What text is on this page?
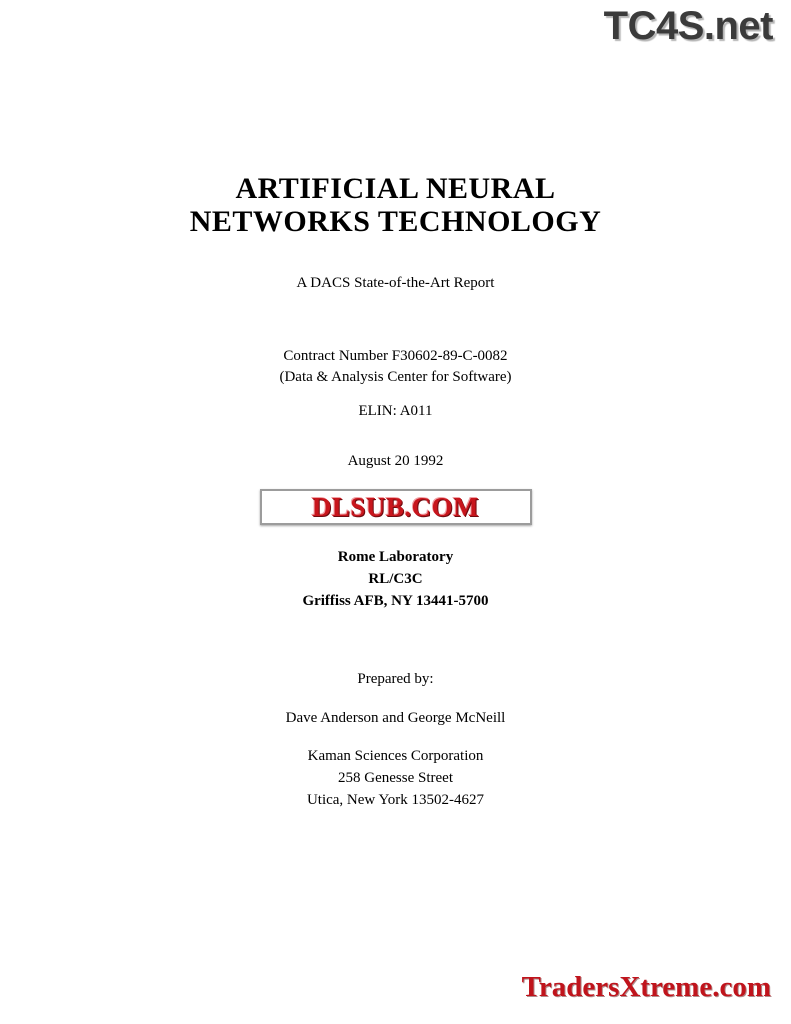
TC4S.net
ARTIFICIAL NEURAL
NETWORKS TECHNOLOGY
A DACS State-of-the-Art Report
Contract Number F30602-89-C-0082
(Data & Analysis Center for Software)
ELIN: A011
August 20 1992
Rome Laboratory
RL/C3C
Griffiss AFB, NY 13441-5700
Prepared by:
Dave Anderson and George McNeill
Kaman Sciences Corporation
258 Genesse Street
Utica, New York 13502-4627
DLSUB.COM
TradersXtreme.com
